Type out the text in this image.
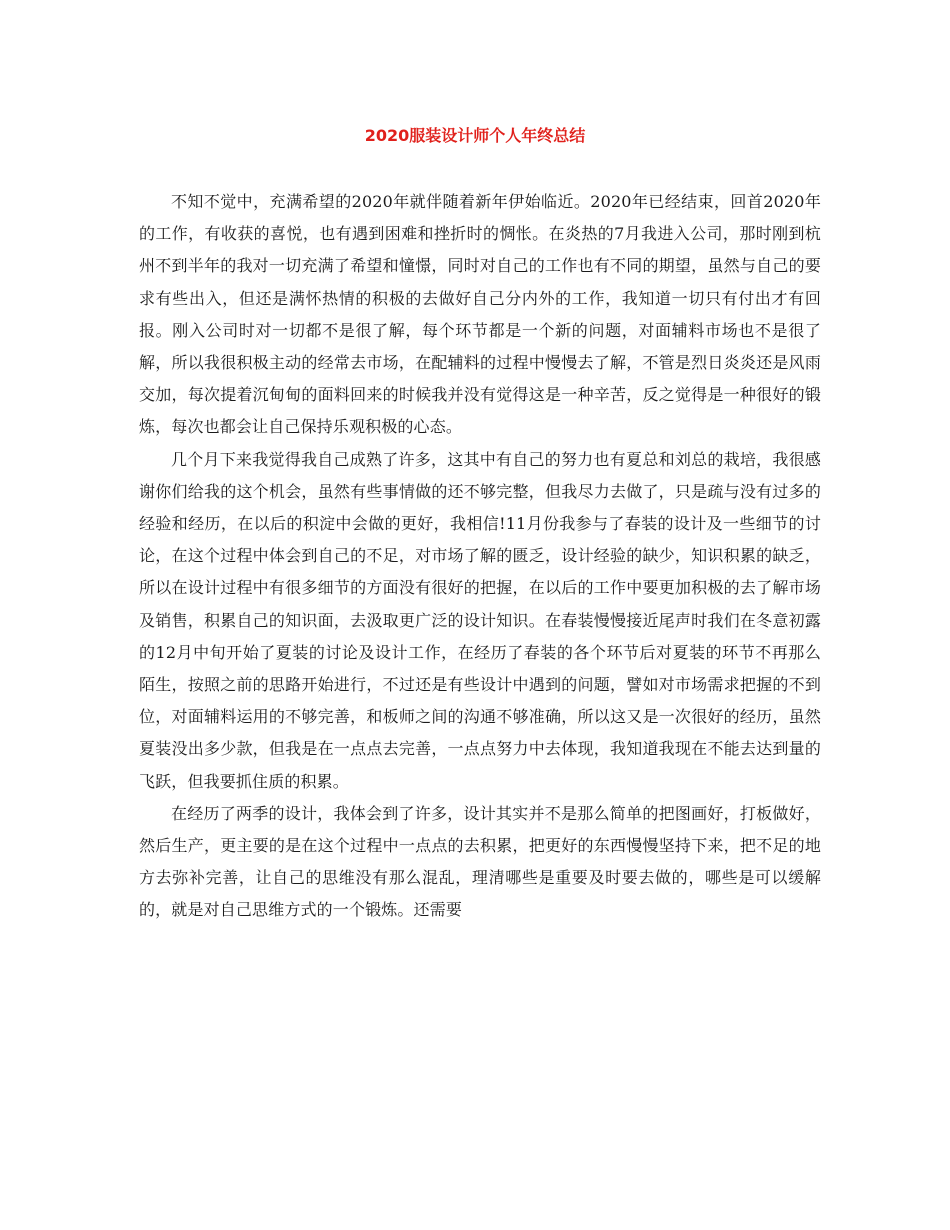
2020服装设计师个人年终总结

不知不觉中，充满希望的2020年就伴随着新年伊始临近。2020年已经结束，回首2020年的工作，有收获的喜悦，也有遇到困难和挫折时的惆怅。在炎热的7月我进入公司，那时刚到杭州不到半年的我对一切充满了希望和憧憬，同时对自己的工作也有不同的期望，虽然与自己的要求有些出入，但还是满怀热情的积极的去做好自己分内外的工作，我知道一切只有付出才有回报。刚入公司时对一切都不是很了解，每个环节都是一个新的问题，对面辅料市场也不是很了解，所以我很积极主动的经常去市场，在配辅料的过程中慢慢去了解，不管是烈日炎炎还是风雨交加，每次提着沉甸甸的面料回来的时候我并没有觉得这是一种辛苦，反之觉得是一种很好的锻炼，每次也都会让自己保持乐观积极的心态。

几个月下来我觉得我自己成熟了许多，这其中有自己的努力也有夏总和刘总的栽培，我很感谢你们给我的这个机会，虽然有些事情做的还不够完整，但我尽力去做了，只是疏与没有过多的经验和经历，在以后的积淀中会做的更好，我相信!11月份我参与了春装的设计及一些细节的讨论，在这个过程中体会到自己的不足，对市场了解的匮乏，设计经验的缺少，知识积累的缺乏，所以在设计过程中有很多细节的方面没有很好的把握，在以后的工作中要更加积极的去了解市场及销售，积累自己的知识面，去汲取更广泛的设计知识。在春装慢慢接近尾声时我们在冬意初露的12月中旬开始了夏装的讨论及设计工作，在经历了春装的各个环节后对夏装的环节不再那么陌生，按照之前的思路开始进行，不过还是有些设计中遇到的问题，譬如对市场需求把握的不到位，对面辅料运用的不够完善，和板师之间的沟通不够准确，所以这又是一次很好的经历，虽然夏装没出多少款，但我是在一点点去完善，一点点努力中去体现，我知道我现在不能去达到量的飞跃，但我要抓住质的积累。

在经历了两季的设计，我体会到了许多，设计其实并不是那么简单的把图画好，打板做好，然后生产，更主要的是在这个过程中一点点的去积累，把更好的东西慢慢坚持下来，把不足的地方去弥补完善，让自己的思维没有那么混乱，理清哪些是重要及时要去做的，哪些是可以缓解的，就是对自己思维方式的一个锻炼。还需要
